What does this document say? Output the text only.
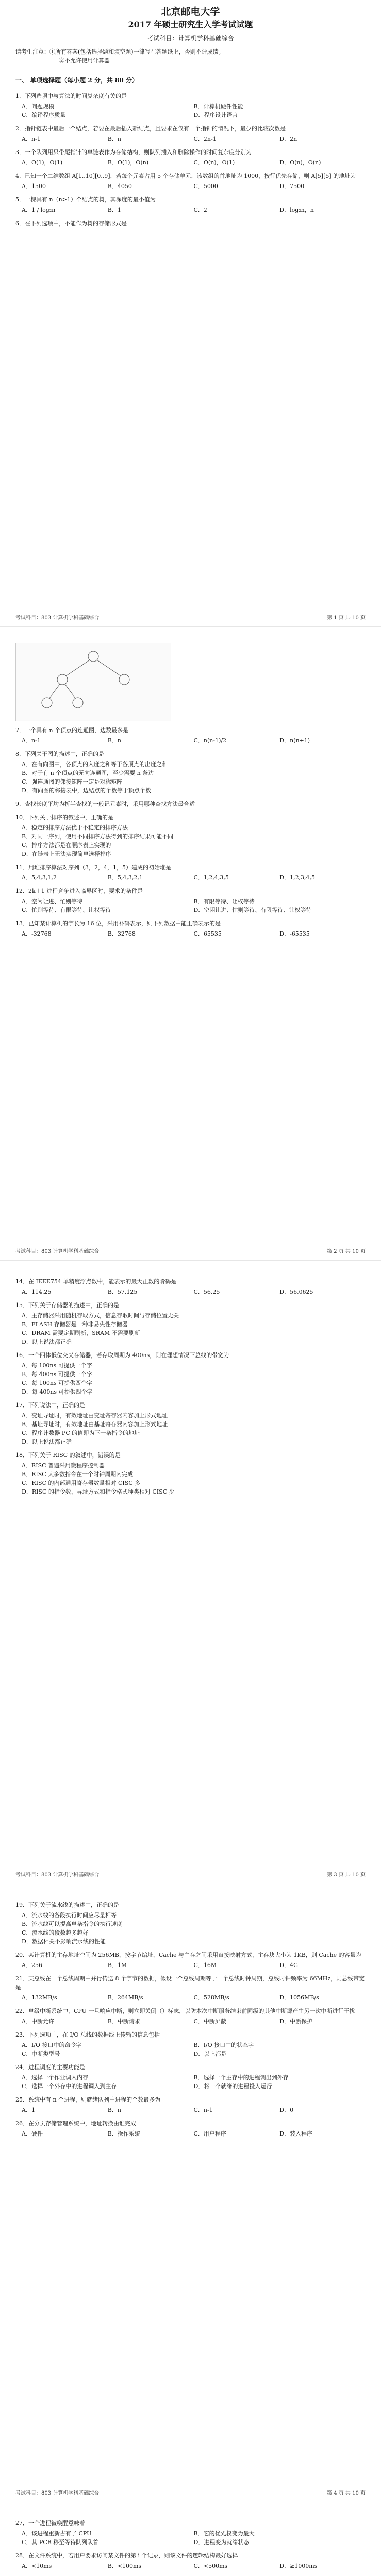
北京邮电大学
2017 年硕士研究生入学考试试题
考试科目：计算机学科基础综合
请考生注意：①所有答案(包括选择题和填空题)一律写在答题纸上，否则不计成绩。
②不允许使用计算器
一、 单项选择题（每小题 2 分，共 80 分）
1．下列选项中与算法的时间复杂度有关的是
A．问题规模	B．计算机硬件性能
C．编译程序质量	D．程序设计语言
2．指针链表中最后一个结点，若要在最后插入新结点，且要求在仅有一个指针的情况下，最少的比较次数是
A．n-1	B．n	C．2n-1	D．2n
3．一个队列用只带尾指针的单链表作为存储结构，则队列插入和删除操作的时间复杂度分别为
A．O(1)，O(1)	B．O(1)，O(n)	C．O(n)，O(1)	D．O(n)，O(n)
4．已知一个二维数组 A[1..10][0..9]，若每个元素占用 5 个存储单元，该数组的首地址为 1000，按行优先存储，则 A[5][5] 的地址为
A．1500	B．4050	C．5000	D．7500
5．一棵具有 n（n>1）个结点的树，其深度的最小值为
A．1 / log₂n	B．1	C．2	D．log₂n，n
6．在下列选项中，不能作为树的存储形式是
考试科目：803 计算机学科基础综合	第 1 页 共 10 页
7．一个具有 n 个顶点的连通图，边数最多是
A．n-1	B．n	C．n(n-1)/2	D．n(n+1)
8．下列关于图的描述中，正确的是
A．在有向图中，各顶点的入度之和等于各顶点的出度之和
B．对于有 n 个顶点的无向连通图，至少需要 n 条边
C．强连通图的邻接矩阵一定是对称矩阵
D．有向图的邻接表中，边结点的个数等于顶点个数
9．查找长度平均为折半查找的一般记元素时，采用哪种查找方法最合适
10．下列关于排序的叙述中，正确的是
A．稳定的排序方法优于不稳定的排序方法
B．对同一序列，使用不同排序方法得到的排序结果可能不同
C．排序方法都是在顺序表上实现的
D．在链表上无法实现简单选择排序
11．用堆排序算法对序列（3，2，4，1，5）建成的初始堆是
A．5,4,3,1,2	B．5,4,3,2,1	C．1,2,4,3,5	D．1,2,3,4,5
12．2k＋1 进程竞争进入临界区时，要求的条件是
A．空闲让进、忙则等待	B．有限等待、让权等待
C．忙则等待、有限等待、让权等待	D．空闲让进、忙则等待、有限等待、让权等待
13．已知某计算机的字长为 16 位，采用补码表示，则下列数据中能正确表示的是
A．-32768	B．32768	C．65535	D．-65535
考试科目：803 计算机学科基础综合	第 2 页 共 10 页
14．在 IEEE754 单精度浮点数中，能表示的最大正数的阶码是
A．114.25	B．57.125	C．56.25	D．56.0625
15．下列关于存储器的描述中，正确的是
A．主存储器采用随机存取方式，信息存取时间与存储位置无关
B．FLASH 存储器是一种非易失性存储器
C．DRAM 需要定期刷新，SRAM 不需要刷新
D．以上说法都正确
16．一个四体低位交叉存储器，若存取周期为 400ns，则在理想情况下总线的带宽为
A．每 100ns 可提供一个字
B．每 400ns 可提供一个字
C．每 100ns 可提供四个字
D．每 400ns 可提供四个字
17．下列说法中，正确的是
A．变址寻址时，有效地址由变址寄存器内容加上形式地址
B．基址寻址时，有效地址由基址寄存器内容加上形式地址
C．程序计数器 PC 的值即为下一条指令的地址
D．以上说法都正确
18．下列关于 RISC 的叙述中，错误的是
A．RISC 普遍采用微程序控制器
B．RISC 大多数指令在一个时钟周期内完成
C．RISC 的内部通用寄存器数量相对 CISC 多
D．RISC 的指令数、寻址方式和指令格式种类相对 CISC 少
考试科目：803 计算机学科基础综合	第 3 页 共 10 页
19．下列关于流水线的描述中，正确的是
A．流水线的各段执行时间应尽量相等
B．流水线可以提高单条指令的执行速度
C．流水线的段数越多越好
D．数据相关不影响流水线的性能
20．某计算机的主存地址空间为 256MB，按字节编址，Cache 与主存之间采用直接映射方式，主存块大小为 1KB，则 Cache 的容量为
A．256	B．1M	C．16M	D．4G
21．某总线在一个总线周期中并行传送 8 个字节的数据，假设一个总线周期等于一个总线时钟周期，总线时钟频率为 66MHz，则总线带宽是
A．132MB/s	B．264MB/s	C．528MB/s	D．1056MB/s
22．单级中断系统中，CPU 一旦响应中断，则立即关闭（）标志，以防本次中断服务结束前同级的其他中断源产生另一次中断进行干扰
A．中断允许	B．中断请求	C．中断屏蔽	D．中断保护
23．下列选项中，在 I/O 总线的数据线上传输的信息包括
A．I/O 接口中的命令字	B．I/O 接口中的状态字
C．中断类型号	D．以上都是
24．进程调度的主要功能是
A．选择一个作业调入内存	B．选择一个主存中的进程调出到外存
C．选择一个外存中的进程调入到主存	D．将一个就绪的进程投入运行
25．系统中有 n 个进程，则就绪队列中进程的个数最多为
A．1	B．n	C．n-1	D．0
26．在分页存储管理系统中，地址转换由谁完成
A．硬件	B．操作系统	C．用户程序	D．装入程序
考试科目：803 计算机学科基础综合	第 4 页 共 10 页
27．一个进程被唤醒意味着
A．该进程重新占有了 CPU	B．它的优先权变为最大
C．其 PCB 移至等待队列队首	D．进程变为就绪状态
28．在文件系统中，若用户要求访问某文件的第 i 个记录，则该文件的逻辑结构最好选择
A．<10ms	B．<100ms	C．<500ms	D．≥1000ms
